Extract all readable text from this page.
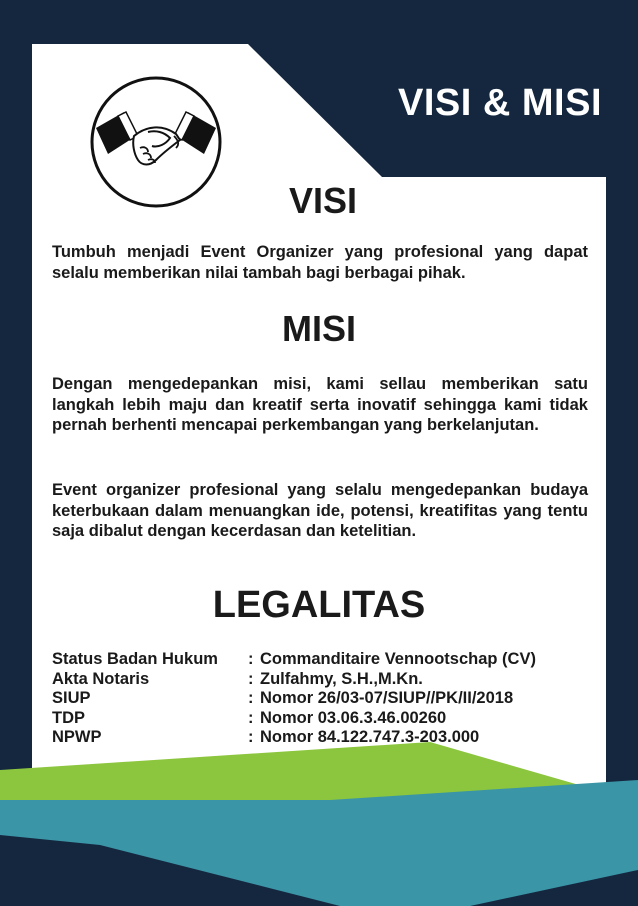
VISI & MISI
VISI

Tumbuh menjadi Event Organizer yang profesional yang dapat selalu memberikan nilai tambah bagi berbagai pihak.

MISI

Dengan mengedepankan misi, kami sellau memberikan satu langkah lebih maju dan kreatif serta inovatif sehingga kami tidak pernah berhenti mencapai perkembangan yang berkelanjutan.

Event organizer profesional yang selalu mengedepankan budaya keterbukaan dalam menuangkan ide, potensi, kreatifitas yang tentu saja dibalut dengan kecerdasan dan ketelitian.

LEGALITAS
Status Badan Hukum	: Commanditaire Vennootschap (CV)
Akta Notaris	: Zulfahmy, S.H.,M.Kn.
SIUP	: Nomor 26/03-07/SIUP//PK/II/2018
TDP	: Nomor 03.06.3.46.00260
NPWP	: Nomor 84.122.747.3-203.000
